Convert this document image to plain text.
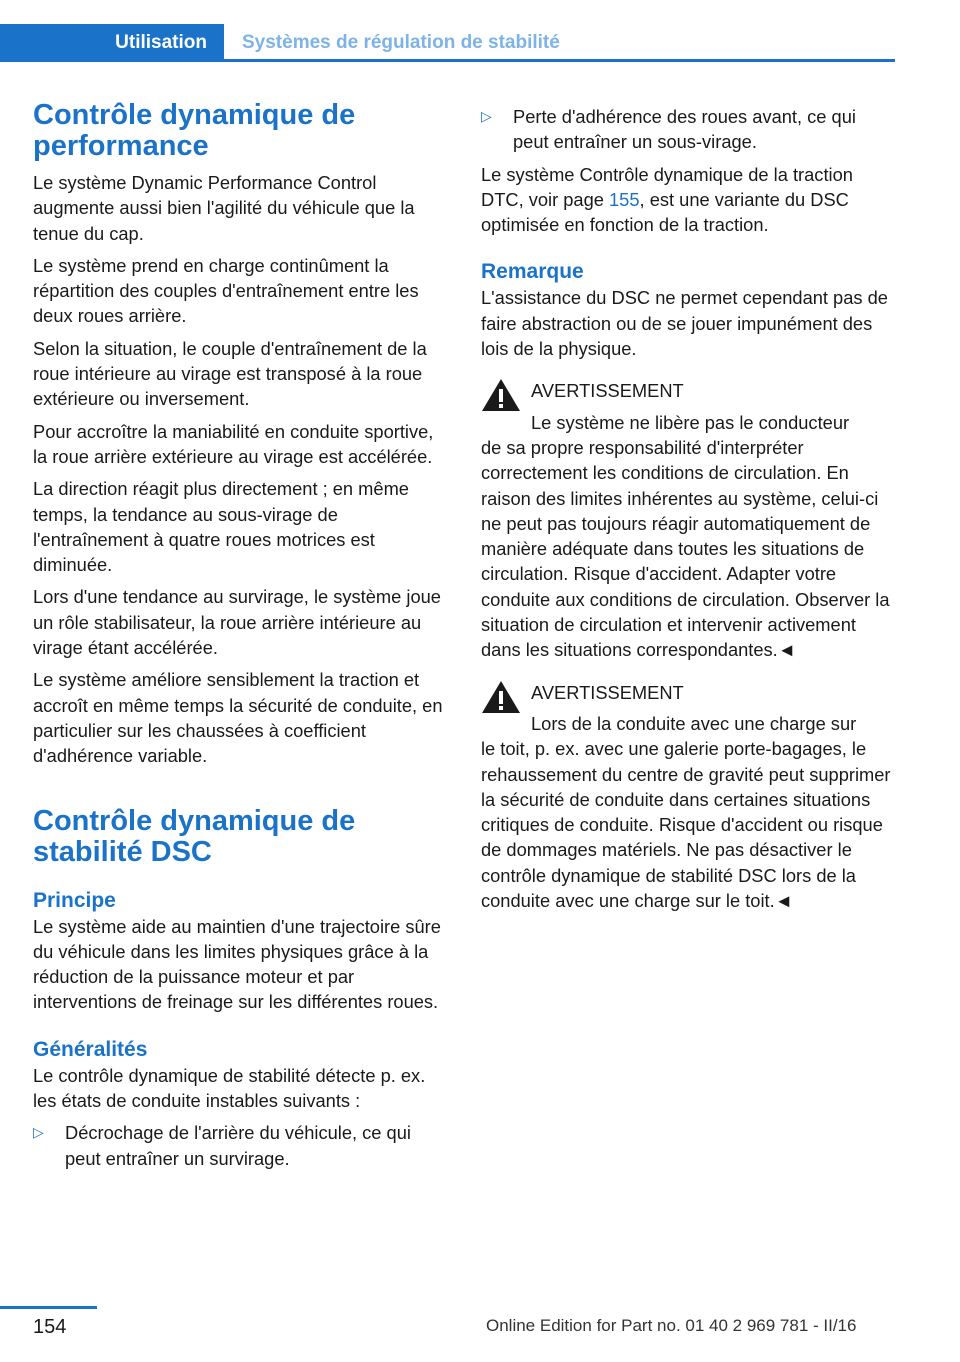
Utilisation Systèmes de régulation de stabilité
Contrôle dynamique de performance

Le système Dynamic Performance Control augmente aussi bien l'agilité du véhicule que la tenue du cap.

Le système prend en charge continûment la répartition des couples d'entraînement entre les deux roues arrière.

Selon la situation, le couple d'entraînement de la roue intérieure au virage est transposé à la roue extérieure ou inversement.

Pour accroître la maniabilité en conduite sportive, la roue arrière extérieure au virage est accélérée.

La direction réagit plus directement ; en même temps, la tendance au sous-virage de l'entraînement à quatre roues motrices est diminuée.

Lors d'une tendance au survirage, le système joue un rôle stabilisateur, la roue arrière intérieure au virage étant accélérée.

Le système améliore sensiblement la traction et accroît en même temps la sécurité de conduite, en particulier sur les chaussées à coefficient d'adhérence variable.

Contrôle dynamique de stabilité DSC
Principe

Le système aide au maintien d'une trajectoire sûre du véhicule dans les limites physiques grâce à la réduction de la puissance moteur et par interventions de freinage sur les différentes roues.

Généralités

Le contrôle dynamique de stabilité détecte p. ex. les états de conduite instables suivants :

▷ Décrochage de l'arrière du véhicule, ce qui peut entraîner un survirage.
▷ Perte d'adhérence des roues avant, ce qui peut entraîner un sous-virage.

Le système Contrôle dynamique de la traction DTC, voir page 155, est une variante du DSC optimisée en fonction de la traction.

Remarque

L'assistance du DSC ne permet cependant pas de faire abstraction ou de se jouer impunément des lois de la physique.

AVERTISSEMENT
Le système ne libère pas le conducteur

de sa propre responsabilité d'interpréter correctement les conditions de circulation. En raison des limites inhérentes au système, celui-ci ne peut pas toujours réagir automatiquement de manière adéquate dans toutes les situations de circulation. Risque d'accident. Adapter votre conduite aux conditions de circulation. Observer la situation de circulation et intervenir activement dans les situations correspondantes.◄

AVERTISSEMENT
Lors de la conduite avec une charge sur

le toit, p. ex. avec une galerie porte-bagages, le rehaussement du centre de gravité peut supprimer la sécurité de conduite dans certaines situations critiques de conduite. Risque d'accident ou risque de dommages matériels. Ne pas désactiver le contrôle dynamique de stabilité DSC lors de la conduite avec une charge sur le toit.◄

154	Online Edition for Part no. 01 40 2 969 781 - II/16
